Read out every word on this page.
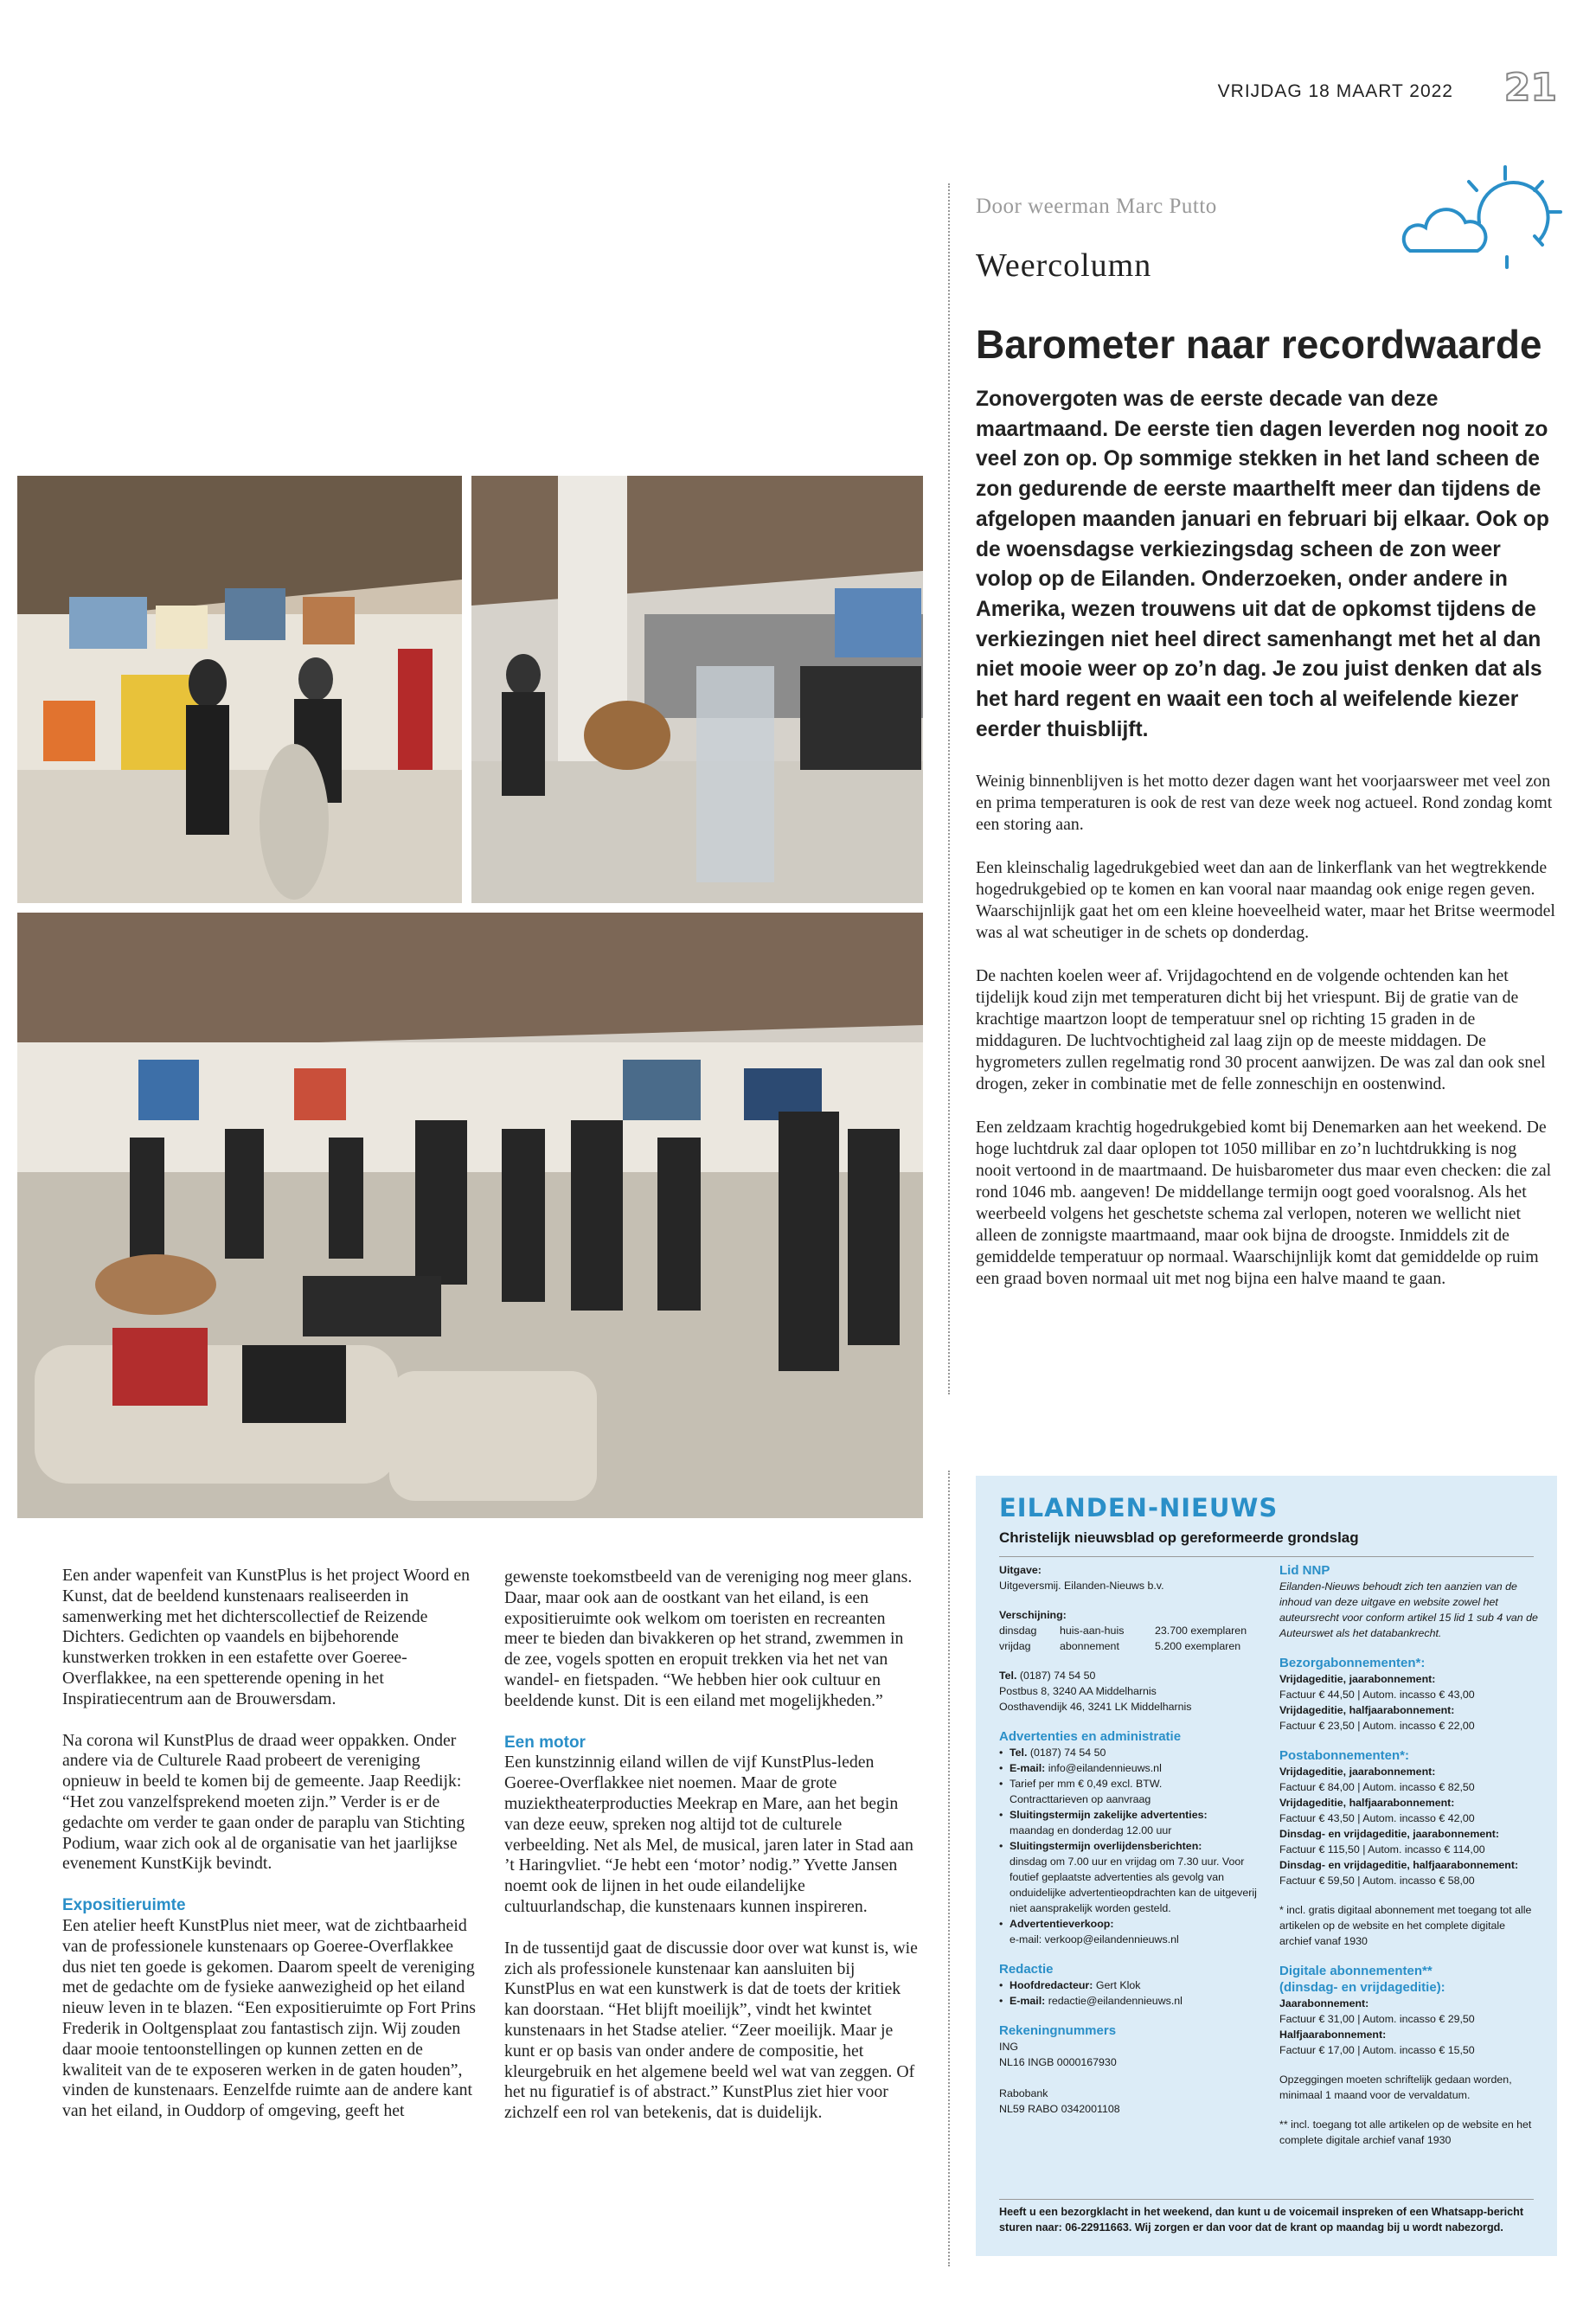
VRIJDAG 18 MAART 2022 21
Door weerman Marc Putto
Weercolumn
Barometer naar recordwaarde

Zonovergoten was de eerste decade van deze maartmaand. De eerste tien dagen leverden nog nooit zo veel zon op. Op sommige stekken in het land scheen de zon gedurende de eerste maarthelft meer dan tijdens de afgelopen maanden januari en februari bij elkaar. Ook op de woensdagse verkiezingsdag scheen de zon weer volop op de Eilanden. Onderzoeken, onder andere in Amerika, wezen trouwens uit dat de opkomst tijdens de verkiezingen niet heel direct samenhangt met het al dan niet mooie weer op zo’n dag. Je zou juist denken dat als het hard regent en waait een toch al weifelende kiezer eerder thuisblijft.

Weinig binnenblijven is het motto dezer dagen want het voorjaarsweer met veel zon en prima temperaturen is ook de rest van deze week nog actueel. Rond zondag komt een storing aan.

Een kleinschalig lagedrukgebied weet dan aan de linkerflank van het wegtrekkende hogedrukgebied op te komen en kan vooral naar maandag ook enige regen geven. Waarschijnlijk gaat het om een kleine hoeveelheid water, maar het Britse weermodel was al wat scheutiger in de schets op donderdag.

De nachten koelen weer af. Vrijdagochtend en de volgende ochtenden kan het tijdelijk koud zijn met temperaturen dicht bij het vriespunt. Bij de gratie van de krachtige maartzon loopt de temperatuur snel op richting 15 graden in de middaguren. De luchtvochtigheid zal laag zijn op de meeste middagen. De hygrometers zullen regelmatig rond 30 procent aanwijzen. De was zal dan ook snel drogen, zeker in combinatie met de felle zonneschijn en oostenwind.

Een zeldzaam krachtig hogedrukgebied komt bij Denemarken aan het weekend. De hoge luchtdruk zal daar oplopen tot 1050 millibar en zo’n luchtdrukking is nog nooit vertoond in de maartmaand. De huisbarometer dus maar even checken: die zal rond 1046 mb. aangeven! De middellange termijn oogt goed vooralsnog. Als het weerbeeld volgens het geschetste schema zal verlopen, noteren we wellicht niet alleen de zonnigste maartmaand, maar ook bijna de droogste. Inmiddels zit de gemiddelde temperatuur op normaal. Waarschijnlijk komt dat gemiddelde op ruim een graad boven normaal uit met nog bijna een halve maand te gaan.

Een ander wapenfeit van KunstPlus is het project Woord en Kunst, dat de beeldend kunstenaars realiseerden in samenwerking met het dichterscollectief de Reizende Dichters. Gedichten op vaandels en bijbehorende kunstwerken trokken in een estafette over Goeree-Overflakkee, na een spetterende opening in het Inspiratiecentrum aan de Brouwersdam.

Na corona wil KunstPlus de draad weer oppakken. Onder andere via de Culturele Raad probeert de vereniging opnieuw in beeld te komen bij de gemeente. Jaap Reedijk: “Het zou vanzelfsprekend moeten zijn.” Verder is er de gedachte om verder te gaan onder de paraplu van Stichting Podium, waar zich ook al de organisatie van het jaarlijkse evenement KunstKijk bevindt.

Expositieruimte

Een atelier heeft KunstPlus niet meer, wat de zichtbaarheid van de professionele kunstenaars op Goeree-Overflakkee dus niet ten goede is gekomen. Daarom speelt de vereniging met de gedachte om de fysieke aanwezigheid op het eiland nieuw leven in te blazen. “Een expositieruimte op Fort Prins Frederik in Ooltgensplaat zou fantastisch zijn. Wij zouden daar mooie tentoonstellingen op kunnen zetten en de kwaliteit van de te exposeren werken in de gaten houden”, vinden de kunstenaars. Eenzelfde ruimte aan de andere kant van het eiland, in Ouddorp of omgeving, geeft het

gewenste toekomstbeeld van de vereniging nog meer glans. Daar, maar ook aan de oostkant van het eiland, is een expositieruimte ook welkom om toeristen en recreanten meer te bieden dan bivakkeren op het strand, zwemmen in de zee, vogels spotten en eropuit trekken via het net van wandel- en fietspaden. “We hebben hier ook cultuur en beeldende kunst. Dit is een eiland met mogelijkheden.”

Een motor

Een kunstzinnig eiland willen de vijf KunstPlus-leden Goeree-Overflakkee niet noemen. Maar de grote muziektheaterproducties Meekrap en Mare, aan het begin van deze eeuw, spreken nog altijd tot de culturele verbeelding. Net als Mel, de musical, jaren later in Stad aan ’t Haringvliet. “Je hebt een ‘motor’ nodig.” Yvette Jansen noemt ook de lijnen in het oude eilandelijke cultuurlandschap, die kunstenaars kunnen inspireren.

In de tussentijd gaat de discussie door over wat kunst is, wie zich als professionele kunstenaar kan aansluiten bij KunstPlus en wat een kunstwerk is dat de toets der kritiek kan doorstaan. “Het blijft moeilijk”, vindt het kwintet kunstenaars in het Stadse atelier. “Zeer moeilijk. Maar je kunt er op basis van onder andere de compositie, het kleurgebruik en het algemene beeld wel wat van zeggen. Of het nu figuratief is of abstract.” KunstPlus ziet hier voor zichzelf een rol van betekenis, dat is duidelijk.

EILANDEN-NIEUWS
Christelijk nieuwsblad op gereformeerde grondslag
Uitgave:
Uitgeversmij. Eilanden-Nieuws b.v.
Verschijning:
dinsdag	huis-aan-huis	23.700 exemplaren
vrijdag	abonnement	5.200 exemplaren
Tel. (0187) 74 54 50
Postbus 8, 3240 AA Middelharnis
Oosthavendijk 46, 3241 LK Middelharnis
Advertenties en administratie
• Tel. (0187) 74 54 50
• E-mail: info@eilandennieuws.nl
• Tarief per mm € 0,49 excl. BTW.
Contracttarieven op aanvraag
• Sluitingstermijn zakelijke advertenties:
maandag en donderdag 12.00 uur
• Sluitingstermijn overlijdensberichten:
dinsdag om 7.00 uur en vrijdag om 7.30 uur. Voor foutief geplaatste advertenties als gevolg van onduidelijke advertentieopdrachten kan de uitgeverij niet aansprakelijk worden gesteld.
• Advertentieverkoop:
e-mail: verkoop@eilandennieuws.nl
Redactie
• Hoofdredacteur: Gert Klok
• E-mail: redactie@eilandennieuws.nl
Rekeningnummers
ING
NL16 INGB 0000167930
Rabobank
NL59 RABO 0342001108
Lid NNP
Eilanden-Nieuws behoudt zich ten aanzien van de inhoud van deze uitgave en website zowel het auteursrecht voor conform artikel 15 lid 1 sub 4 van de Auteurswet als het databankrecht.
Bezorgabonnementen*:
Vrijdageditie, jaarabonnement:
Factuur € 44,50 | Autom. incasso € 43,00
Vrijdageditie, halfjaarabonnement:
Factuur € 23,50 | Autom. incasso € 22,00
Postabonnementen*:
Vrijdageditie, jaarabonnement:
Factuur € 84,00 | Autom. incasso € 82,50
Vrijdageditie, halfjaarabonnement:
Factuur € 43,50 | Autom. incasso € 42,00
Dinsdag- en vrijdageditie, jaarabonnement:
Factuur € 115,50 | Autom. incasso € 114,00
Dinsdag- en vrijdageditie, halfjaarabonnement:
Factuur € 59,50 | Autom. incasso € 58,00
* incl. gratis digitaal abonnement met toegang tot alle artikelen op de website en het complete digitale archief vanaf 1930
Digitale abonnementen**
(dinsdag- en vrijdageditie):
Jaarabonnement:
Factuur € 31,00 | Autom. incasso € 29,50
Halfjaarabonnement:
Factuur € 17,00 | Autom. incasso € 15,50
Opzeggingen moeten schriftelijk gedaan worden, minimaal 1 maand voor de vervaldatum.
** incl. toegang tot alle artikelen op de website en het complete digitale archief vanaf 1930
Heeft u een bezorgklacht in het weekend, dan kunt u de voicemail inspreken of een Whatsapp-bericht sturen naar: 06-22911663. Wij zorgen er dan voor dat de krant op maandag bij u wordt nabezorgd.
